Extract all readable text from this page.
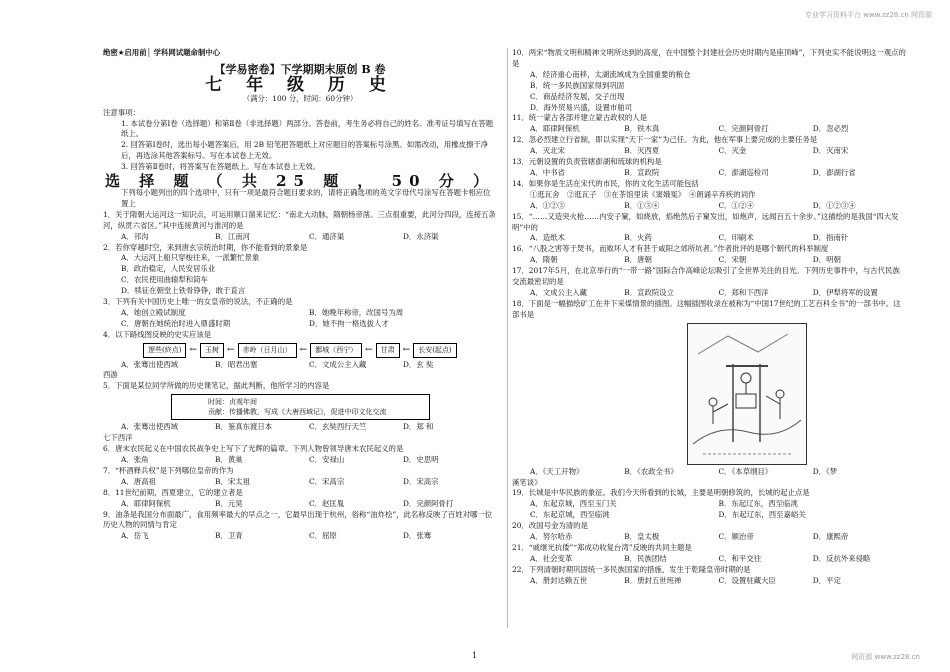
专业学习资料平台 www.zz28.cn 网资源
绝密★启用前│ 学科网试题命制中心
【学易密卷】下学期期末原创 B 卷
七 年 级 历 史
（满分：100 分，时间：60分钟）

注意事项：

1. 本试卷分第Ⅰ卷（选择题）和第Ⅱ卷（非选择题）两部分。答卷前，考生务必将自己的姓名、准考证号填写在答题纸上。

2. 回答第Ⅰ卷时，选出每小题答案后，用 2B 铅笔把答题纸上对应题目的答案标号涂黑。如需改动，用橡皮擦干净后，再选涂其他答案标号。写在本试卷上无效。

3. 回答第Ⅱ卷时，将答案写在答题纸上。写在本试卷上无效。

选 择 题 （ 共 25 题 ， 50 分 ）

下列每小题列出的四个选项中，只有一项是最符合题目要求的，请将正确选项的英文字母代号涂写在答题卡相应位置上

1．关于隋朝大运河这一知识点，可运用顺口溜来记忆：“南北大动脉，隋朝杨帝凿。三点很重要，此河分四段，连接五条河，纵贯六省区。”其中连接黄河与淮河的是

A．邗沟	B．江南河	C．通济渠	D．永济渠

2．若你穿越时空，来到唐玄宗统治时期，你不能看到的景象是

A．大运河上船只穿梭往来，一派繁忙景象
B．政治稳定，人民安居乐业
C．农民使用曲辕犁和筒车
D．犊征在朝堂上铁骨铮铮，敢于直言

3．下列有关中国历史上唯一的女皇帝的说法，不正确的是

A．她创立殿试制度	B．她晚年称帝，改国号为周
C．唐朝在她统治时进入鼎盛时期	D．她不拘一格选拔人才

4．以下路线图反映的史实应该是

逻些(終点) ←	玉树 ←	赤岭（日月山） ←	鄯城（西宁） ←	甘肃 ←	长安(起点)
A．张骞出使西域	B．昭君出塞	C．文成公主入藏	D．玄 奘

西游

5．下面是某位同学所做的历史课笔记，据此判断，他所学习的内容是

时间：贞观年间
贡献：传播佛教，写成《大唐西域记》，促进中印文化交流
A．张骞出使西域	B．鉴真东渡日本	C．玄奘西行天竺	D．郑 和

七下西洋

6．唐末农民起义在中国农民战争史上写下了光辉的篇章。下列人物曾领导唐末农民起义的是

A．张角	B．黄巢	C．安禄山	D．史思明

7．“杯酒释兵权”是下列哪位皇帝的作为

A．唐高祖	B．宋太祖	C．宋高宗	D．宋高宗

8．11世纪前期，西夏建立，它的建立者是

A．耶律阿保机	B．元昊	C．赵匡胤	D．完颜阿骨打

9．油条是我国分布面最广，食用频率最大的早点之一，它最早出现于杭州，俗称“油炸桧”，此名称反映了百姓对哪一位历史人物的同情与肯定

A．岳飞	B．卫青	C．屈原	D．张骞

10．两宋“物质文明和精神文明所达到的高度，在中国整个封建社会历史时期内是座顶峰”，下列史实不能说明这一观点的是

A．经济重心南移，太湖流域成为全国重要的粮仓
B．统一多民族国家得到巩固
C．商品经济发展，交子出现
D．海外贸易兴盛，设置市舶司

11．统一蒙古各部并建立蒙古政权的人是

A．耶律阿保机	B．铁木真	C．完颜阿骨打	D．忽必烈

12．忽必烈建立行省制，即以实现“天下一家”为己任。为此，他在军事上要完成的主要任务是

A．灭北宋	B．灭西夏	C．灭金	D．灭南宋

13．元朝设置的负责管辖澎湖和琉球的机构是

A．中书省	B．宣政院	C．澎湖巡检司	D．澎湖行省

14．如果你是生活在宋代的市民，你的文化生活可能包括

①逛瓦舍　②逛瓦子　③在茶馆里读《窦娥冤》　④朗诵辛弃疾的词作

A．①②③	B．①③④	C．①②④	D．①②③④

15．“……又造突火枪……内安子窠，如烧放，焰绝然后子窠发出，如炮声，远闻百五十余步。”这描绘的是我国“四大发明”中的

A．造纸术	B．火药	C．印刷术	D．指南针

16．“八股之害等于焚书，而败坏人才有甚于咸阳之郊所坑者。”作者批评的是哪个朝代的科举制度

A．隋朝	B．唐朝	C．宋朝	D．明朝

17．2017年5月，在北京举行的“一带一路”国际合作高峰论坛吸引了全世界关注的目光。下列历史事件中，与古代民族交流最密切的是

A．文成公主入藏	B．宣政院设立	C．郑和下西洋	D．伊犁将军的设置

18．下面是一幅描绘矿工在井下采煤情景的插图。这幅插图收录在被称为“中国17世纪的工艺百科全书”的一部书中。这部书是

A．《天工开物》	B．《农政全书》	C．《本草纲目》	D．《梦

溪笔谈》

19．长城是中华民族的象征。我们今天所看到的长城，主要是明朝修筑的，长城的起止点是

A．东起京城，西至玉门关	B．东起辽东，西至临洮
C．东起京城，西至临洮	D．东起辽东，西至嘉峪关

20．改国号金为清的是

A．努尔哈赤	B．皇太极	C．顺治帝	D．康熙帝

21．“戚继光抗倭”“郑成功收复台湾”反映的共同主题是

A．社会变革	B．民族团结	C．和平交往	D．反抗外来侵略

22．下列清朝时期巩固统一多民族国家的措施，发生于乾隆皇帝时期的是

A．册封达赖五世	B．册封五世班禅	C．设置驻藏大臣	D．平定
1	网资源 www.zz28.cn
